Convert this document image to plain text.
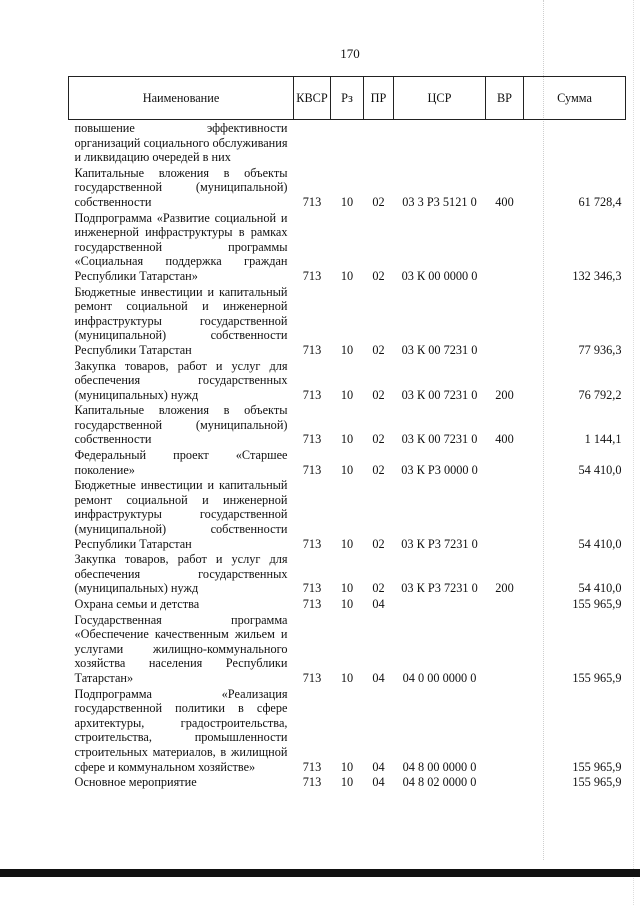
170
Наименование	КВСР	Рз	ПР	ЦСР	ВР	Сумма
повышение эффективности организаций социального обслуживания и ликвидацию очередей в них						
Капитальные вложения в объекты государственной (муниципальной) собственности	713	10	02	03 3 P3 5121 0	400	61 728,4
Подпрограмма «Развитие социальной и инженерной инфраструктуры в рамках государственной программы «Социальная поддержка граждан Республики Татарстан»	713	10	02	03 К 00 0000 0		132 346,3
Бюджетные инвестиции и капитальный ремонт социальной и инженерной инфраструктуры государственной (муниципальной) собственности Республики Татарстан	713	10	02	03 К 00 7231 0		77 936,3
Закупка товаров, работ и услуг для обеспечения государственных (муниципальных) нужд	713	10	02	03 К 00 7231 0	200	76 792,2
Капитальные вложения в объекты государственной (муниципальной) собственности	713	10	02	03 К 00 7231 0	400	1 144,1
Федеральный проект «Старшее поколение»	713	10	02	03 К P3 0000 0		54 410,0
Бюджетные инвестиции и капитальный ремонт социальной и инженерной инфраструктуры государственной (муниципальной) собственности Республики Татарстан	713	10	02	03 К P3 7231 0		54 410,0
Закупка товаров, работ и услуг для обеспечения государственных (муниципальных) нужд	713	10	02	03 К P3 7231 0	200	54 410,0
Охрана семьи и детства	713	10	04			155 965,9
Государственная программа «Обеспечение качественным жильем и услугами жилищно-коммунального хозяйства населения Республики Татарстан»	713	10	04	04 0 00 0000 0		155 965,9
Подпрограмма «Реализация государственной политики в сфере архитектуры, градостроительства, строительства, промышленности строительных материалов, в жилищной сфере и коммунальном хозяйстве»	713	10	04	04 8 00 0000 0		155 965,9
Основное мероприятие	713	10	04	04 8 02 0000 0		155 965,9
